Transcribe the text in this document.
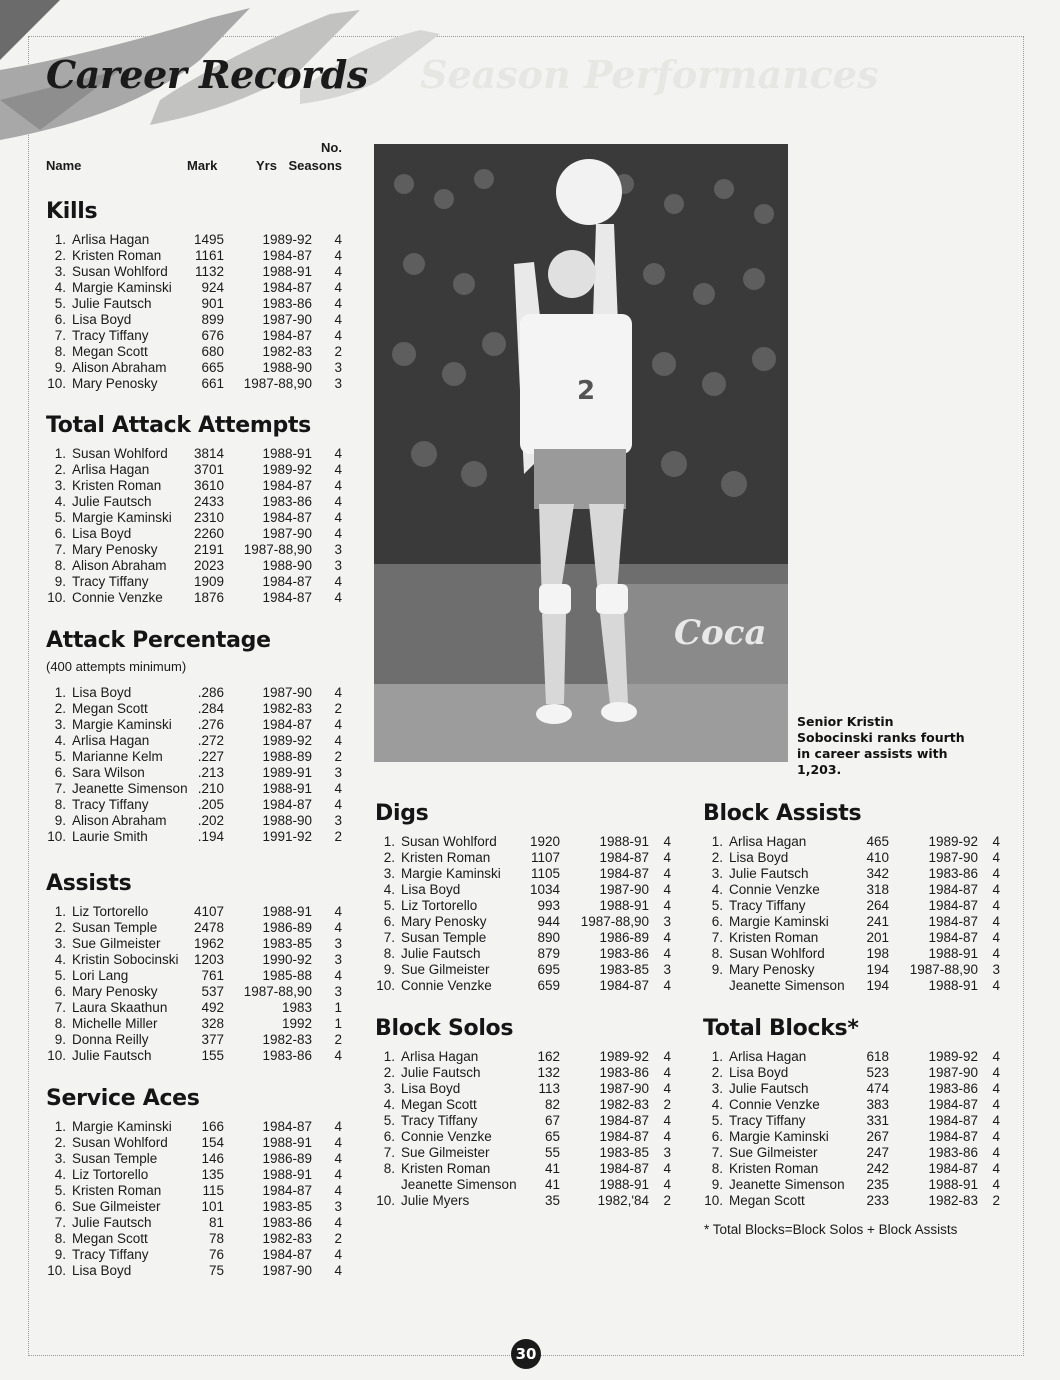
Season Performances
Career Records
Name	Mark	Yrs
No.
Seasons
Kills
1. Arlisa Hagan	1495	1989-92 4
2. Kristen Roman 1161	1984-87 4
3. Susan Wohlford 1132	1988-91 4
4. Margie Kaminski 924	1984-87 4
5. Julie Fautsch	901	1983-86 4
6. Lisa Boyd	899	1987-90 4
7. Tracy Tiffany	676	1984-87 4
8. Megan Scott	680	1982-83 2
9. Alison Abraham	665	1988-90 3
10. Mary Penosky	661 1987-88,90 3
Total Attack Attempts
1. Susan Wohlford 3814	1988-91 4
2. Arlisa Hagan	3701	1989-92 4
3. Kristen Roman 3610	1984-87 4
4. Julie Fautsch	2433	1983-86 4
5. Margie Kaminski 2310	1984-87 4
6. Lisa Boyd	2260	1987-90 4
7. Mary Penosky	2191 1987-88,90 3
8. Alison Abraham 2023	1988-90 3
9. Tracy Tiffany	1909	1984-87 4
10. Connie Venzke 1876	1984-87 4
Attack Percentage
(400 attempts minimum)
1. Lisa Boyd	.286	1987-90 4
2. Megan Scott	.284	1982-83 2
3. Margie Kaminski .276	1984-87 4
4. Arlisa Hagan	.272	1989-92 4
5. Marianne Kelm	.227	1988-89 2
6. Sara Wilson	.213	1989-91 3
7. Jeanette Simenson .210	1988-91 4
8. Tracy Tiffany	.205	1984-87 4
9. Alison Abraham .202	1988-90 3
10. Laurie Smith	.194	1991-92 2
Assists
1. Liz Tortorello	4107	1988-91 4
2. Susan Temple	2478	1986-89 4
3. Sue Gilmeister 1962	1983-85 3
4. Kristin Sobocinski 1203	1990-92 3
5. Lori Lang	761	1985-88 4
6. Mary Penosky	537 1987-88,90 3
7. Laura Skaathun	492	1983 1
8. Michelle Miller	328	1992 1
9. Donna Reilly	377	1982-83 2
10. Julie Fautsch	155	1983-86 4
Service Aces
1. Margie Kaminski 166	1984-87 4
2. Susan Wohlford 154	1988-91 4
3. Susan Temple	146	1986-89 4
4. Liz Tortorello	135	1988-91 4
5. Kristen Roman	115	1984-87 4
6. Sue Gilmeister	101	1983-85 3
7. Julie Fautsch	81	1983-86 4
8. Megan Scott	78	1982-83 2
9. Tracy Tiffany	76	1984-87 4
10. Lisa Boyd	75	1987-90 4
Coca
2
Senior Kristin Sobocinski ranks fourth in career assists with 1,203.
Digs
1. Susan Wohlford 1920	1988-91 4
2. Kristen Roman	1107	1984-87 4
3. Margie Kaminski 1105	1984-87 4
4. Lisa Boyd	1034	1987-90 4
5. Liz Tortorello	993	1988-91 4
6. Mary Penosky	944 1987-88,90 3
7. Susan Temple	890	1986-89 4
8. Julie Fautsch	879	1983-86 4
9. Sue Gilmeister	695	1983-85 3
10. Connie Venzke	659	1984-87 4
Block Solos
1. Arlisa Hagan	162	1989-92 4
2. Julie Fautsch	132	1983-86 4
3. Lisa Boyd	113	1987-90 4
4. Megan Scott	82	1982-83 2
5. Tracy Tiffany	67	1984-87 4
6. Connie Venzke	65	1984-87 4
7. Sue Gilmeister	55	1983-85 3
8. Kristen Roman	41	1984-87 4
Jeanette Simenson 41	1988-91 4
10. Julie Myers	35	1982,'84 2
Block Assists
1. Arlisa Hagan	465	1989-92 4
2. Lisa Boyd	410	1987-90 4
3. Julie Fautsch	342	1983-86 4
4. Connie Venzke	318	1984-87 4
5. Tracy Tiffany	264	1984-87 4
6. Margie Kaminski	241	1984-87 4
7. Kristen Roman	201	1984-87 4
8. Susan Wohlford	198	1988-91 4
9. Mary Penosky	194 1987-88,90 3
Jeanette Simenson 194	1988-91 4
Total Blocks*
1. Arlisa Hagan	618	1989-92 4
2. Lisa Boyd	523	1987-90 4
3. Julie Fautsch	474	1983-86 4
4. Connie Venzke	383	1984-87 4
5. Tracy Tiffany	331	1984-87 4
6. Margie Kaminski	267	1984-87 4
7. Sue Gilmeister	247	1983-86 4
8. Kristen Roman	242	1984-87 4
9. Jeanette Simenson 235	1988-91 4
10. Megan Scott	233	1982-83 2
* Total Blocks=Block Solos + Block Assists
30
